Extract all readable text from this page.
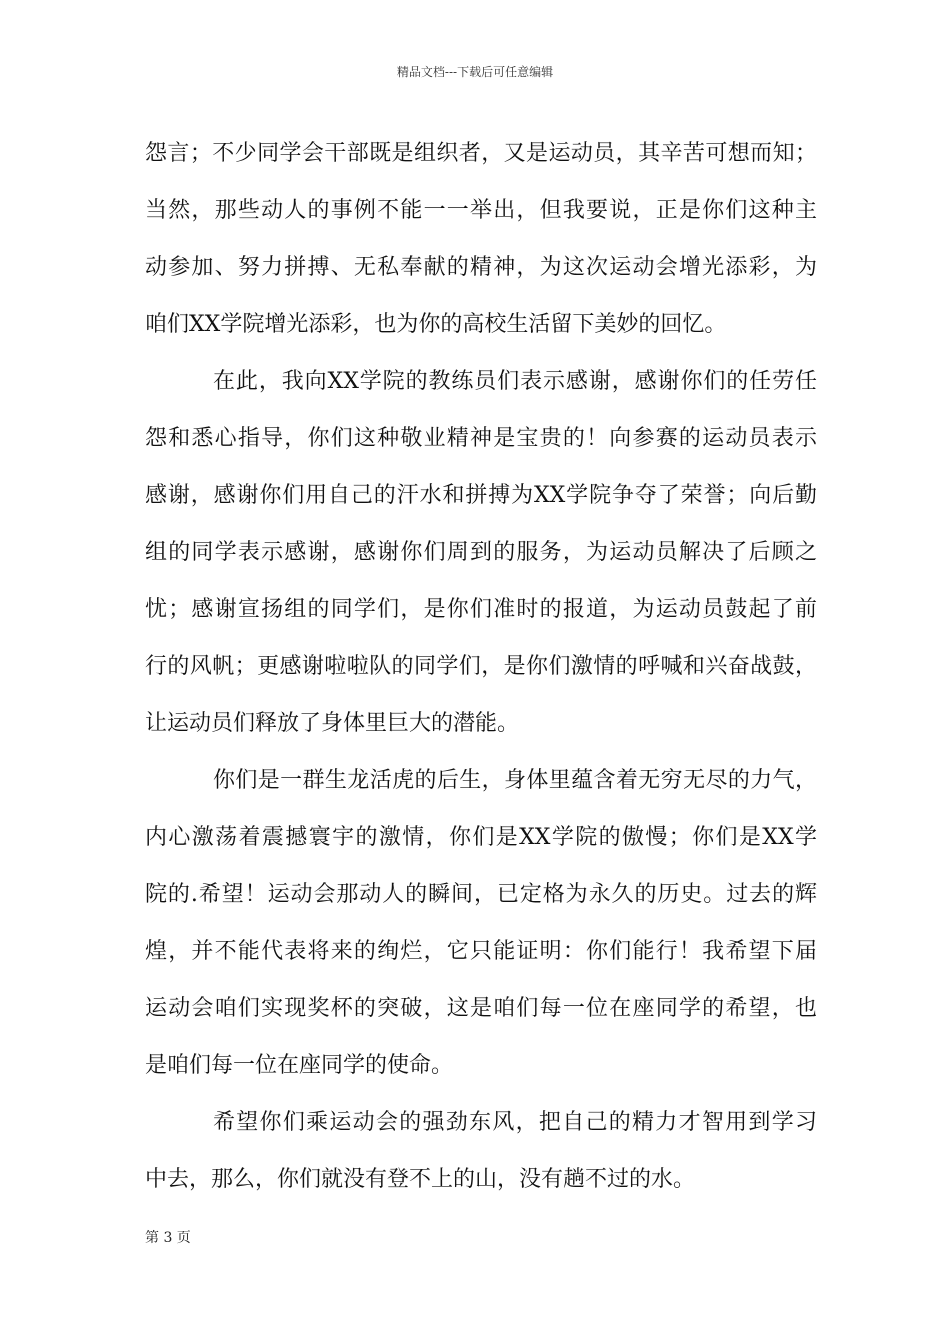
精品文档---下载后可任意编辑
怨言；不少同学会干部既是组织者，又是运动员，其辛苦可想而知；
当然，那些动人的事例不能一一举出，但我要说，正是你们这种主
动参加、努力拼搏、无私奉献的精神，为这次运动会增光添彩，为
咱们XX学院增光添彩，也为你的高校生活留下美妙的回忆。
在此，我向XX学院的教练员们表示感谢，感谢你们的任劳任
怨和悉心指导，你们这种敬业精神是宝贵的！向参赛的运动员表示
感谢，感谢你们用自己的汗水和拼搏为XX学院争夺了荣誉；向后勤
组的同学表示感谢，感谢你们周到的服务，为运动员解决了后顾之
忧；感谢宣扬组的同学们，是你们准时的报道，为运动员鼓起了前
行的风帆；更感谢啦啦队的同学们，是你们激情的呼喊和兴奋战鼓，
让运动员们释放了身体里巨大的潜能。
你们是一群生龙活虎的后生，身体里蕴含着无穷无尽的力气，
内心激荡着震撼寰宇的激情，你们是XX学院的傲慢；你们是XX学
院的.希望！运动会那动人的瞬间，已定格为永久的历史。过去的辉
煌，并不能代表将来的绚烂，它只能证明：你们能行！我希望下届
运动会咱们实现奖杯的突破，这是咱们每一位在座同学的希望，也
是咱们每一位在座同学的使命。
希望你们乘运动会的强劲东风，把自己的精力才智用到学习
中去，那么，你们就没有登不上的山，没有趟不过的水。
第 3 页
